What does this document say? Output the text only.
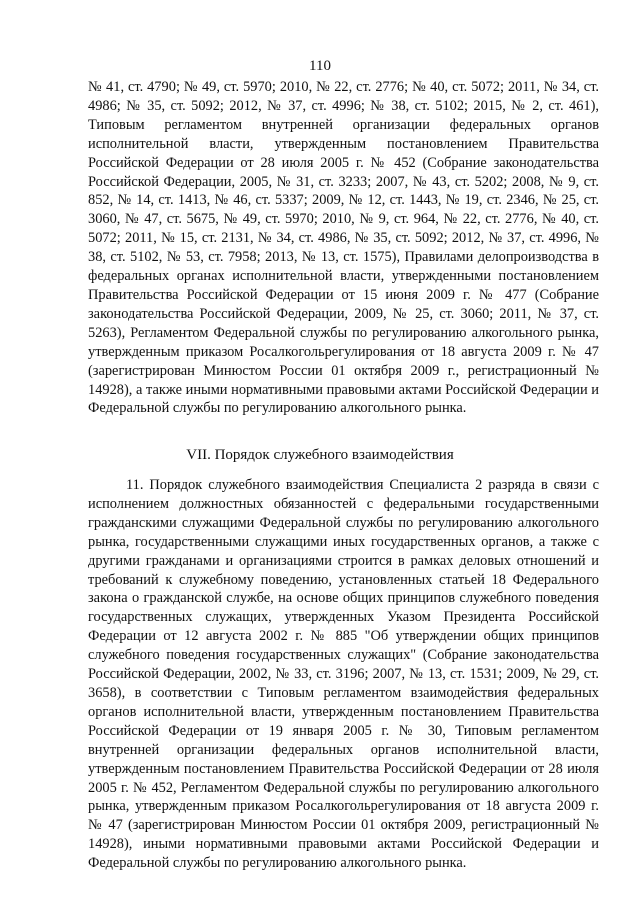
110

№ 41, ст. 4790; № 49, ст. 5970; 2010, № 22, ст. 2776; № 40, ст. 5072; 2011, № 34, ст. 4986; № 35, ст. 5092; 2012, № 37, ст. 4996; № 38, ст. 5102; 2015, № 2, ст. 461), Типовым регламентом внутренней организации федеральных органов исполнительной власти, утвержденным постановлением Правительства Российской Федерации от 28 июля 2005 г. № 452 (Собрание законодательства Российской Федерации, 2005, № 31, ст. 3233; 2007, № 43, ст. 5202; 2008, № 9, ст. 852, № 14, ст. 1413, № 46, ст. 5337; 2009, № 12, ст. 1443, № 19, ст. 2346, № 25, ст. 3060, № 47, ст. 5675, № 49, ст. 5970; 2010, № 9, ст. 964, № 22, ст. 2776, № 40, ст. 5072; 2011, № 15, ст. 2131, № 34, ст. 4986, № 35, ст. 5092; 2012, № 37, ст. 4996, № 38, ст. 5102, № 53, ст. 7958; 2013, № 13, ст. 1575), Правилами делопроизводства в федеральных органах исполнительной власти, утвержденными постановлением Правительства Российской Федерации от 15 июня 2009 г. № 477 (Собрание законодательства Российской Федерации, 2009, № 25, ст. 3060; 2011, № 37, ст. 5263), Регламентом Федеральной службы по регулированию алкогольного рынка, утвержденным приказом Росалкогольрегулирования от 18 августа 2009 г. № 47 (зарегистрирован Минюстом России 01 октября 2009 г., регистрационный № 14928), а также иными нормативными правовыми актами Российской Федерации и Федеральной службы по регулированию алкогольного рынка.

VII. Порядок служебного взаимодействия

11. Порядок служебного взаимодействия Специалиста 2 разряда в связи с исполнением должностных обязанностей с федеральными государственными гражданскими служащими Федеральной службы по регулированию алкогольного рынка, государственными служащими иных государственных органов, а также с другими гражданами и организациями строится в рамках деловых отношений и требований к служебному поведению, установленных статьей 18 Федерального закона о гражданской службе, на основе общих принципов служебного поведения государственных служащих, утвержденных Указом Президента Российской Федерации от 12 августа 2002 г. № 885 "Об утверждении общих принципов служебного поведения государственных служащих" (Собрание законодательства Российской Федерации, 2002, № 33, ст. 3196; 2007, № 13, ст. 1531; 2009, № 29, ст. 3658), в соответствии с Типовым регламентом взаимодействия федеральных органов исполнительной власти, утвержденным постановлением Правительства Российской Федерации от 19 января 2005 г. № 30, Типовым регламентом внутренней организации федеральных органов исполнительной власти, утвержденным постановлением Правительства Российской Федерации от 28 июля 2005 г. № 452, Регламентом Федеральной службы по регулированию алкогольного рынка, утвержденным приказом Росалкогольрегулирования от 18 августа 2009 г. № 47 (зарегистрирован Минюстом России 01 октября 2009, регистрационный № 14928), иными нормативными правовыми актами Российской Федерации и Федеральной службы по регулированию алкогольного рынка.
